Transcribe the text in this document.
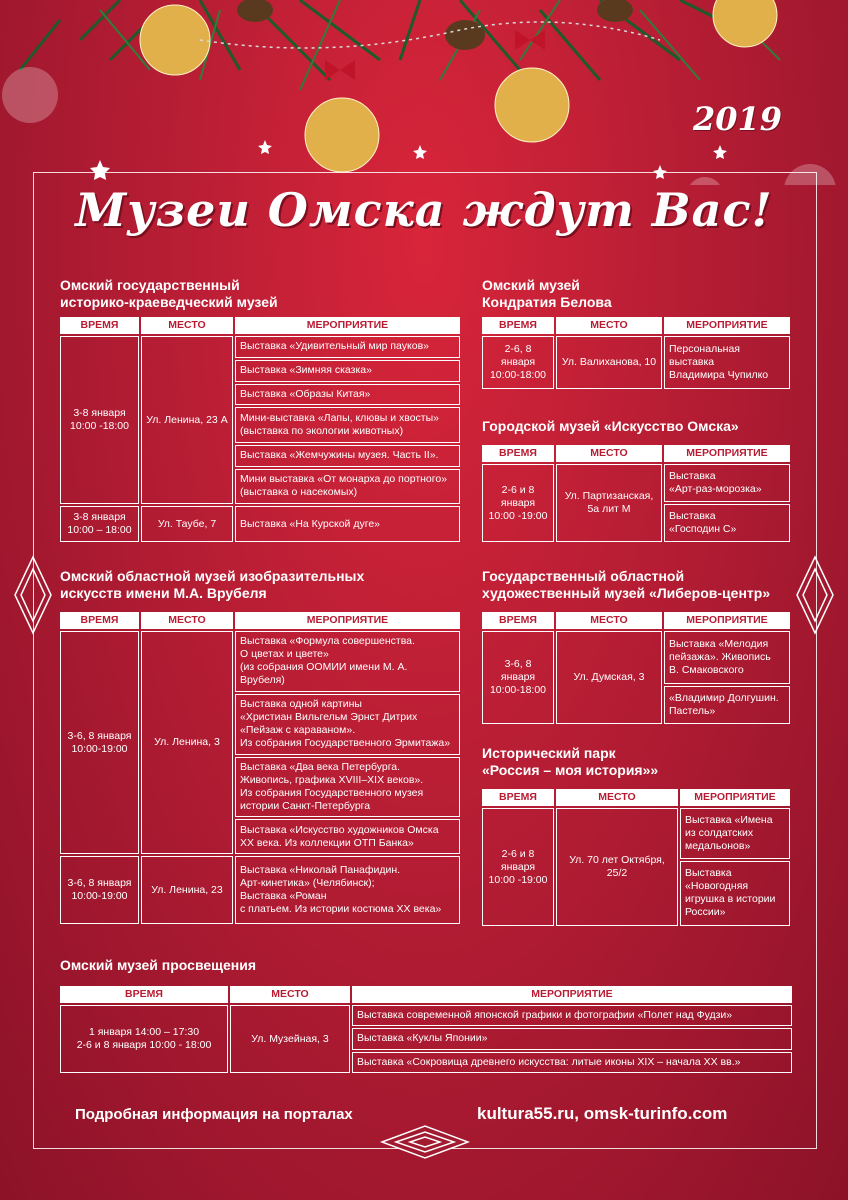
2019
Музеи Омска ждут Вас!
Омский государственный
историко-краеведческий музей
ВРЕМЯ	МЕСТО	МЕРОПРИЯТИЕ
3-8 января
10:00 -18:00	Ул. Ленина, 23 А	Выставка «Удивительный мир пауков»
		Выставка «Зимняя сказка»
		Выставка «Образы Китая»
		Мини-выставка «Лапы, клювы и хвосты»
(выставка по экологии животных)
		Выставка «Жемчужины музея. Часть II».
		Мини выставка «От монарха до портного»
(выставка о насекомых)
3-8 января
10:00 – 18:00	Ул. Таубе, 7	Выставка «На Курской дуге»
Омский областной музей изобразительных
искусств имени М.А. Врубеля
ВРЕМЯ	МЕСТО	МЕРОПРИЯТИЕ
3-6, 8 января
10:00-19:00	Ул. Ленина, 3	Выставка «Формула совершенства.
О цветах и цвете»
(из собрания ООМИИ имени М. А. Врубеля)
		Выставка одной картины
«Христиан Вильгельм Эрнст Дитрих
«Пейзаж с караваном».
Из собрания Государственного Эрмитажа»
		Выставка «Два века Петербурга.
Живопись, графика XVIII–XIX веков».
Из собрания Государственного музея
истории Санкт-Петербурга
		Выставка «Искусство художников Омска
XX века. Из коллекции ОТП Банка»
3-6, 8 января
10:00-19:00	Ул. Ленина, 23	Выставка «Николай Панафидин.
Арт-кинетика» (Челябинск);
Выставка «Роман
с платьем. Из истории костюма XX века»
Омский музей
Кондратия Белова
ВРЕМЯ	МЕСТО	МЕРОПРИЯТИЕ
2-6, 8
января
10:00-18:00	Ул. Валиханова, 10	Персональная
выставка
Владимира Чупилко
Городской музей «Искусство Омска»
ВРЕМЯ	МЕСТО	МЕРОПРИЯТИЕ
2-6 и 8
января
10:00 -19:00	Ул. Партизанская,
5а лит М	Выставка
«Арт-раз-морозка»
		Выставка
«Господин С»
Государственный областной
художественный музей «Либеров-центр»
ВРЕМЯ	МЕСТО	МЕРОПРИЯТИЕ
3-6, 8
января
10:00-18:00	Ул. Думская, 3	Выставка «Мелодия
пейзажа». Живопись
В. Смаковского
		«Владимир Долгушин.
Пастель»
Исторический парк
«Россия – моя история»»
ВРЕМЯ	МЕСТО	МЕРОПРИЯТИЕ
2-6 и 8
января
10:00 -19:00	Ул. 70 лет Октября,
25/2	Выставка «Имена
из солдатских
медальонов»
		Выставка
«Новогодняя
игрушка в истории
России»
Омский музей просвещения
ВРЕМЯ	МЕСТО	МЕРОПРИЯТИЕ
1 января 14:00 – 17:30
2-6 и 8 января 10:00 - 18:00	Ул. Музейная, 3	Выставка современной японской графики и фотографии «Полет над Фудзи»
		Выставка «Куклы Японии»
		Выставка «Сокровища древнего искусства: литые иконы XIX – начала XX вв.»
Подробная информация на порталах	kultura55.ru, omsk-turinfo.com
